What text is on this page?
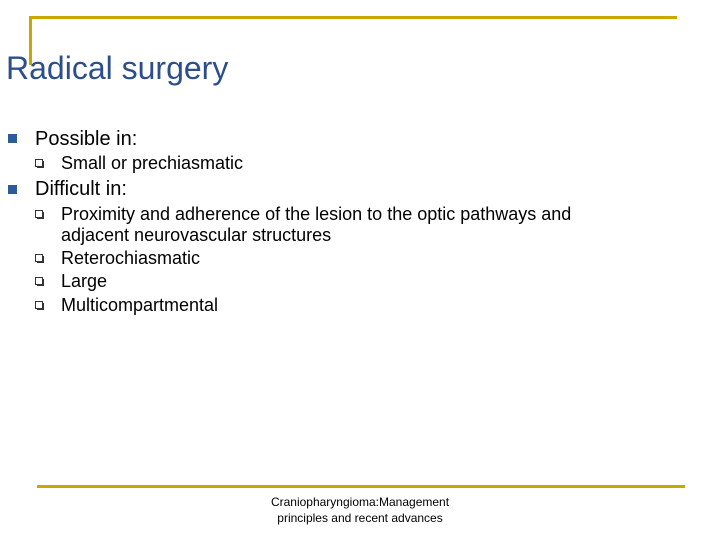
Radical surgery
Possible in:
Small or prechiasmatic
Difficult in:
Proximity and adherence of the lesion to the optic pathways and
adjacent neurovascular structures
Reterochiasmatic
Large
Multicompartmental
Craniopharyngioma:Management
principles and recent advances
